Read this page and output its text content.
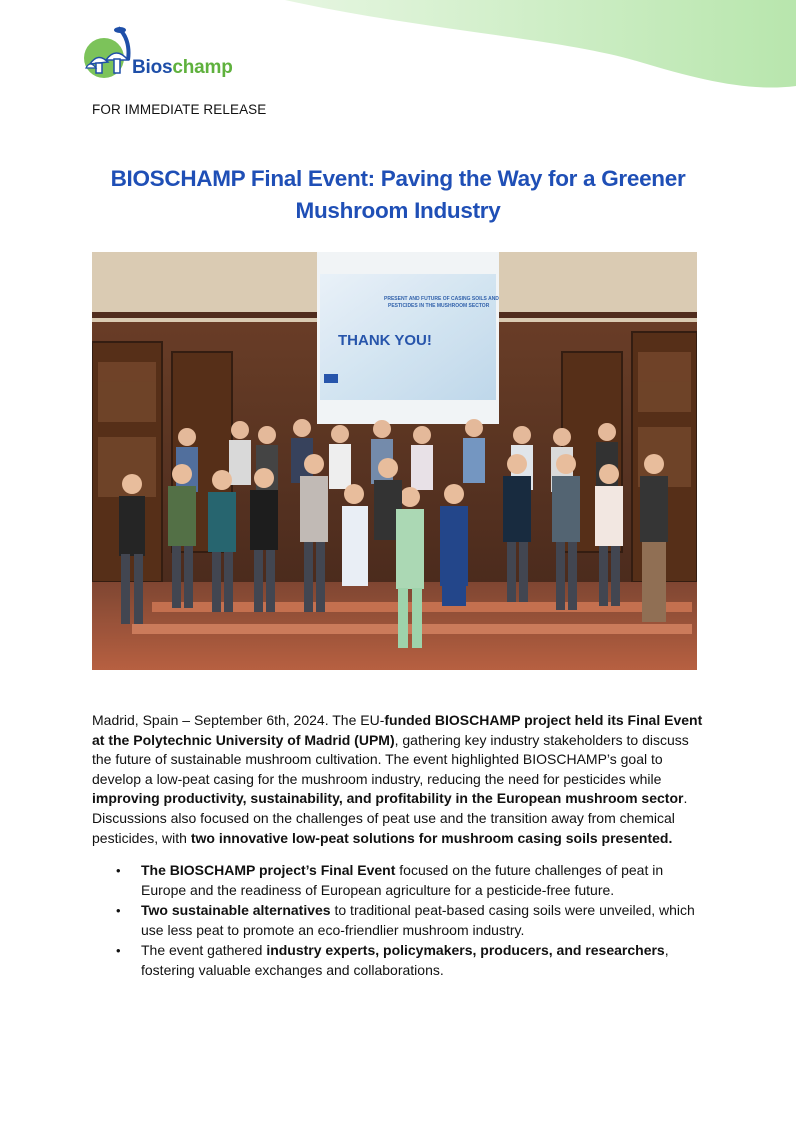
Bioschamp
FOR IMMEDIATE RELEASE
BIOSCHAMP Final Event: Paving the Way for a Greener
Mushroom Industry
THANK YOU!
PRESENT AND FUTURE OF CASING SOILS AND
PESTICIDES IN THE MUSHROOM SECTOR
Madrid, Spain – September 6th, 2024. The EU-funded BIOSCHAMP project held its Final Event at the Polytechnic University of Madrid (UPM), gathering key industry stakeholders to discuss the future of sustainable mushroom cultivation. The event highlighted BIOSCHAMP’s goal to develop a low-peat casing for the mushroom industry, reducing the need for pesticides while improving productivity, sustainability, and profitability in the European mushroom sector. Discussions also focused on the challenges of peat use and the transition away from chemical pesticides, with two innovative low-peat solutions for mushroom casing soils presented.
• The BIOSCHAMP project’s Final Event focused on the future challenges of peat in Europe and the readiness of European agriculture for a pesticide-free future.
• Two sustainable alternatives to traditional peat-based casing soils were unveiled, which use less peat to promote an eco-friendlier mushroom industry.
• The event gathered industry experts, policymakers, producers, and researchers, fostering valuable exchanges and collaborations.
